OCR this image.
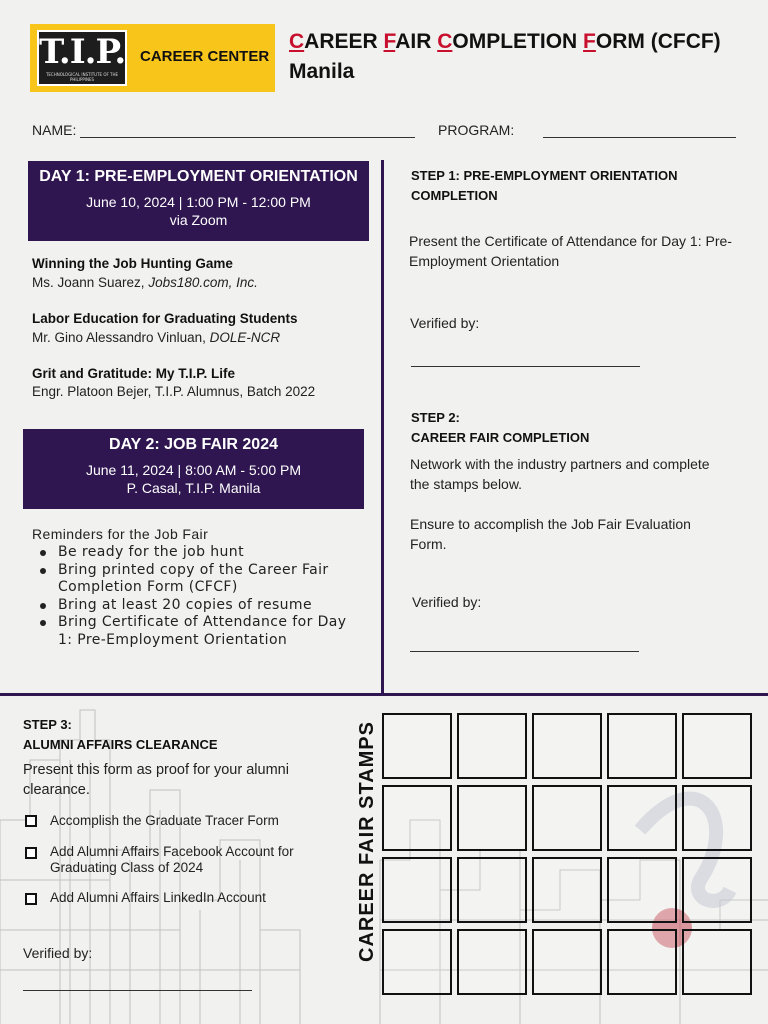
T.I.P.
TECHNOLOGICAL INSTITUTE OF THE PHILIPPINES
CAREER CENTER
CAREER FAIR COMPLETION FORM (CFCF)
Manila
NAME:	PROGRAM:
DAY 1: PRE-EMPLOYMENT ORIENTATION
June 10, 2024 | 1:00 PM - 12:00 PM
via Zoom
Winning the Job Hunting Game
Ms. Joann Suarez, Jobs180.com, Inc.
Labor Education for Graduating Students
Mr. Gino Alessandro Vinluan, DOLE-NCR
Grit and Gratitude: My T.I.P. Life
Engr. Platoon Bejer, T.I.P. Alumnus, Batch 2022
DAY 2: JOB FAIR 2024
June 11, 2024 | 8:00 AM - 5:00 PM
P. Casal, T.I.P. Manila
Reminders for the Job Fair
Be ready for the job hunt
Bring printed copy of the Career Fair Completion Form (CFCF)
Bring at least 20 copies of resume
Bring Certificate of Attendance for Day 1: Pre-Employment Orientation
STEP 1: PRE-EMPLOYMENT ORIENTATION COMPLETION
Present the Certificate of Attendance for Day 1: Pre-Employment Orientation
Verified by:
STEP 2:
CAREER FAIR COMPLETION
Network with the industry partners and complete the stamps below.
Ensure to accomplish the Job Fair Evaluation Form.
Verified by:
STEP 3:
ALUMNI AFFAIRS CLEARANCE
Present this form as proof for your alumni clearance.
Accomplish the Graduate Tracer Form
Add Alumni Affairs Facebook Account for Graduating Class of 2024
Add Alumni Affairs LinkedIn Account
Verified by:	CAREER FAIR STAMPS
